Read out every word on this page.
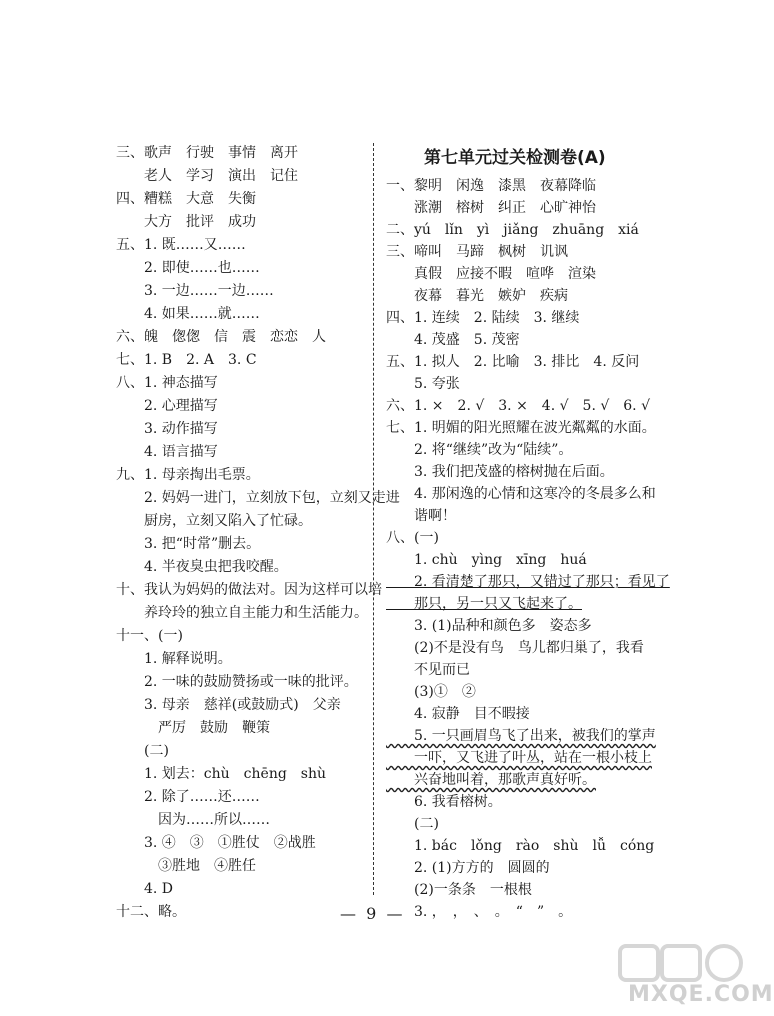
三、歌声　行驶　事情　离开
　　老人　学习　演出　记住
四、糟糕　大意　失衡
　　大方　批评　成功
五、1. 既……又……
　　2. 即使……也……
　　3. 一边……一边……
　　4. 如果……就……
六、魄　偬偬　信　震　恋恋　人
七、1. B　2. A　3. C
八、1. 神态描写
　　2. 心理描写
　　3. 动作描写
　　4. 语言描写
九、1. 母亲掏出毛票。
　　2. 妈妈一进门，立刻放下包，立刻又走进
　　厨房，立刻又陷入了忙碌。
　　3. 把“时常”删去。
　　4. 半夜臭虫把我咬醒。
十、我认为妈妈的做法对。因为这样可以培
　　养玲玲的独立自主能力和生活能力。
十一、(一)
　　1. 解释说明。
　　2. 一味的鼓励赞扬或一味的批评。
　　3. 母亲　慈祥(或鼓励式)　父亲
　　　严厉　鼓励　鞭策
　　(二)
　　1. 划去：chù　chēng　shù
　　2. 除了……还……
　　　因为……所以……
　　3. ④　③　①胜仗　②战胜
　　　③胜地　④胜任
　　4. D
十二、略。
第七单元过关检测卷(A)
一、黎明　闲逸　漆黑　夜幕降临
　　涨潮　榕树　纠正　心旷神怡
二、yú　lǐn　yì　jiǎng　zhuāng　xiá
三、啼叫　马蹄　枫树　讥讽
　　真假　应接不暇　喧哗　渲染
　　夜幕　暮光　嫉妒　疾病
四、1. 连续　2. 陆续　3. 继续
　　4. 茂盛　5. 茂密
五、1. 拟人　2. 比喻　3. 排比　4. 反问
　　5. 夸张
六、1. ×　2. √　3. ×　4. √　5. √　6. √
七、1. 明媚的阳光照耀在波光粼粼的水面。
　　2. 将“继续”改为“陆续”。
　　3. 我们把茂盛的榕树抛在后面。
　　4. 那闲逸的心情和这寒冷的冬晨多么和
　　谐啊！
八、(一)
　　1. chù　yìng　xīng　huá
　　2. 看清楚了那只，又错过了那只；看见了
　　那只，另一只又飞起来了。
　　3. (1)品种和颜色多　姿态多
　　(2)不是没有鸟　鸟儿都归巢了，我看
　　不见而已
　　(3)①　②
　　4. 寂静　目不暇接
　　5. 一只画眉鸟飞了出来，被我们的掌声
　　一吓，又飞进了叶丛，站在一根小枝上
　　兴奋地叫着，那歌声真好听。
　　6. 我看榕树。
　　(二)
　　1. bác　lǒng　rào　shù　lǚ　cóng
　　2. (1)方方的　圆圆的
　　(2)一条条　一根根
　　3. ，　，　、　。　“　”　。
—  9  —
MXQE.COM
